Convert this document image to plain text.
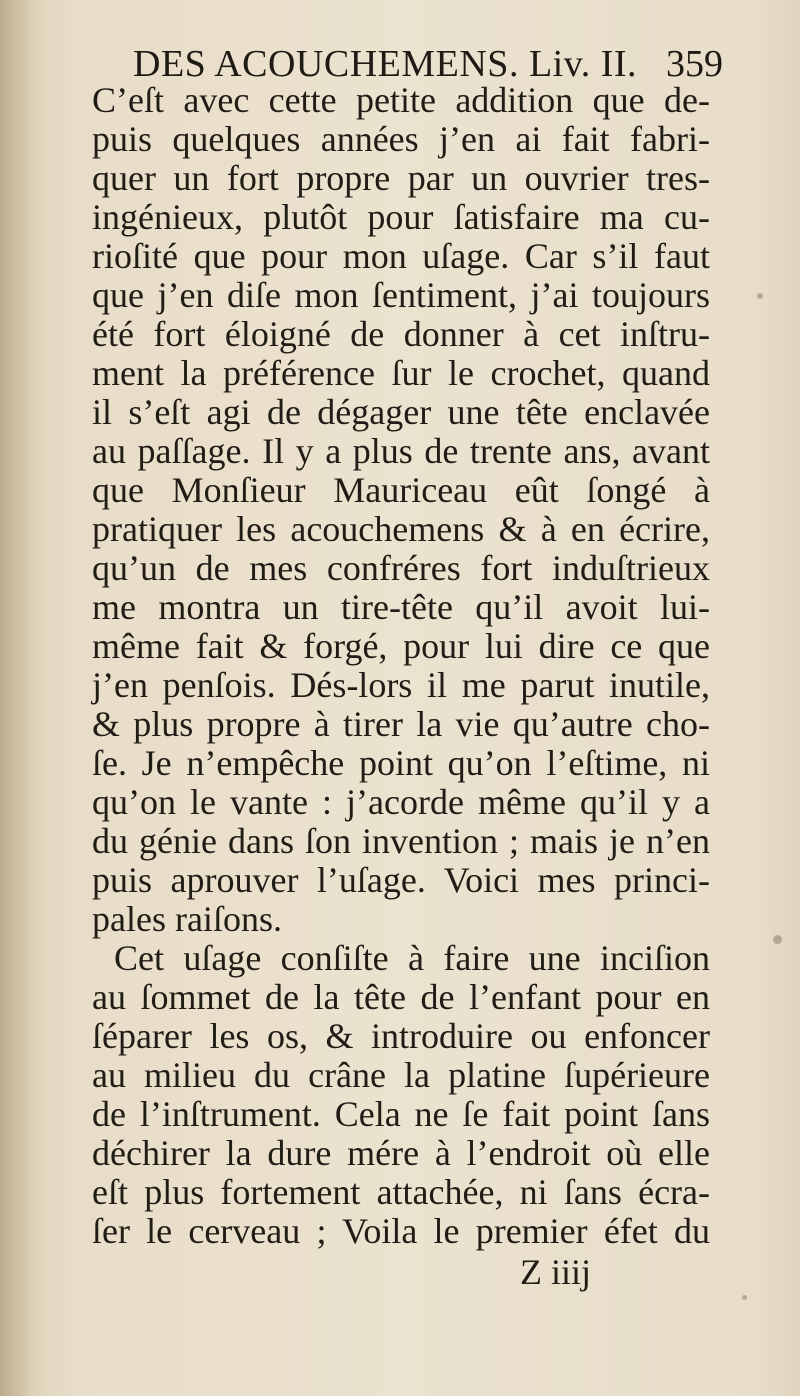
DES ACOUCHEMENS. Liv. II. 359
C’eſt avec cette petite addition que de-
puis quelques années j’en ai fait fabri-
quer un fort propre par un ouvrier tres-
ingénieux, plutôt pour ſatisfaire ma cu-
rioſité que pour mon uſage. Car s’il faut
que j’en diſe mon ſentiment, j’ai toujours
été fort éloigné de donner à cet inſtru-
ment la préférence ſur le crochet, quand
il s’eſt agi de dégager une tête enclavée
au paſſage. Il y a plus de trente ans, avant
que Monſieur Mauriceau eût ſongé à
pratiquer les acouchemens & à en écrire,
qu’un de mes confréres fort induſtrieux
me montra un tire-tête qu’il avoit lui-
même fait & forgé, pour lui dire ce que
j’en penſois. Dés-lors il me parut inutile,
& plus propre à tirer la vie qu’autre cho-
ſe. Je n’empêche point qu’on l’eſtime, ni
qu’on le vante : j’acorde même qu’il y a
du génie dans ſon invention ; mais je n’en
puis aprouver l’uſage. Voici mes princi-
pales raiſons.
Cet uſage conſiſte à faire une inciſion
au ſommet de la tête de l’enfant pour en
ſéparer les os, & introduire ou enfoncer
au milieu du crâne la platine ſupérieure
de l’inſtrument. Cela ne ſe fait point ſans
déchirer la dure mére à l’endroit où elle
eſt plus fortement attachée, ni ſans écra-
ſer le cerveau ; Voila le premier éfet du
Z iiij
